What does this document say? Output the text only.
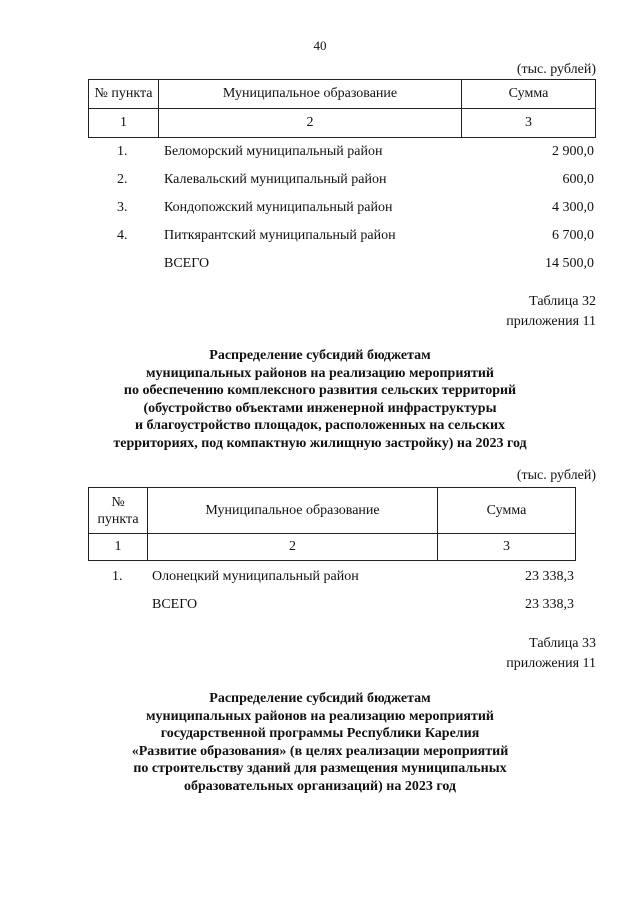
40
(тыс. рублей)
№ пункта	Муниципальное образование	Сумма
1	2	3
1.	Беломорский муниципальный район	2 900,0
2.	Калевальский муниципальный район	600,0
3.	Кондопожский муниципальный район	4 300,0
4.	Питкярантский муниципальный район	6 700,0
ВСЕГО	14 500,0
Таблица 32
приложения 11
Распределение субсидий бюджетам
муниципальных районов на реализацию мероприятий
по обеспечению комплексного развития сельских территорий
(обустройство объектами инженерной инфраструктуры
и благоустройство площадок, расположенных на сельских
территориях, под компактную жилищную застройку) на 2023 год
(тыс. рублей)
№
пункта	Муниципальное образование	Сумма
1	2	3
1. Олонецкий муниципальный район	23 338,3
ВСЕГО	23 338,3
Таблица 33
приложения 11
Распределение субсидий бюджетам
муниципальных районов на реализацию мероприятий
государственной программы Республики Карелия
«Развитие образования» (в целях реализации мероприятий
по строительству зданий для размещения муниципальных
образовательных организаций) на 2023 год
